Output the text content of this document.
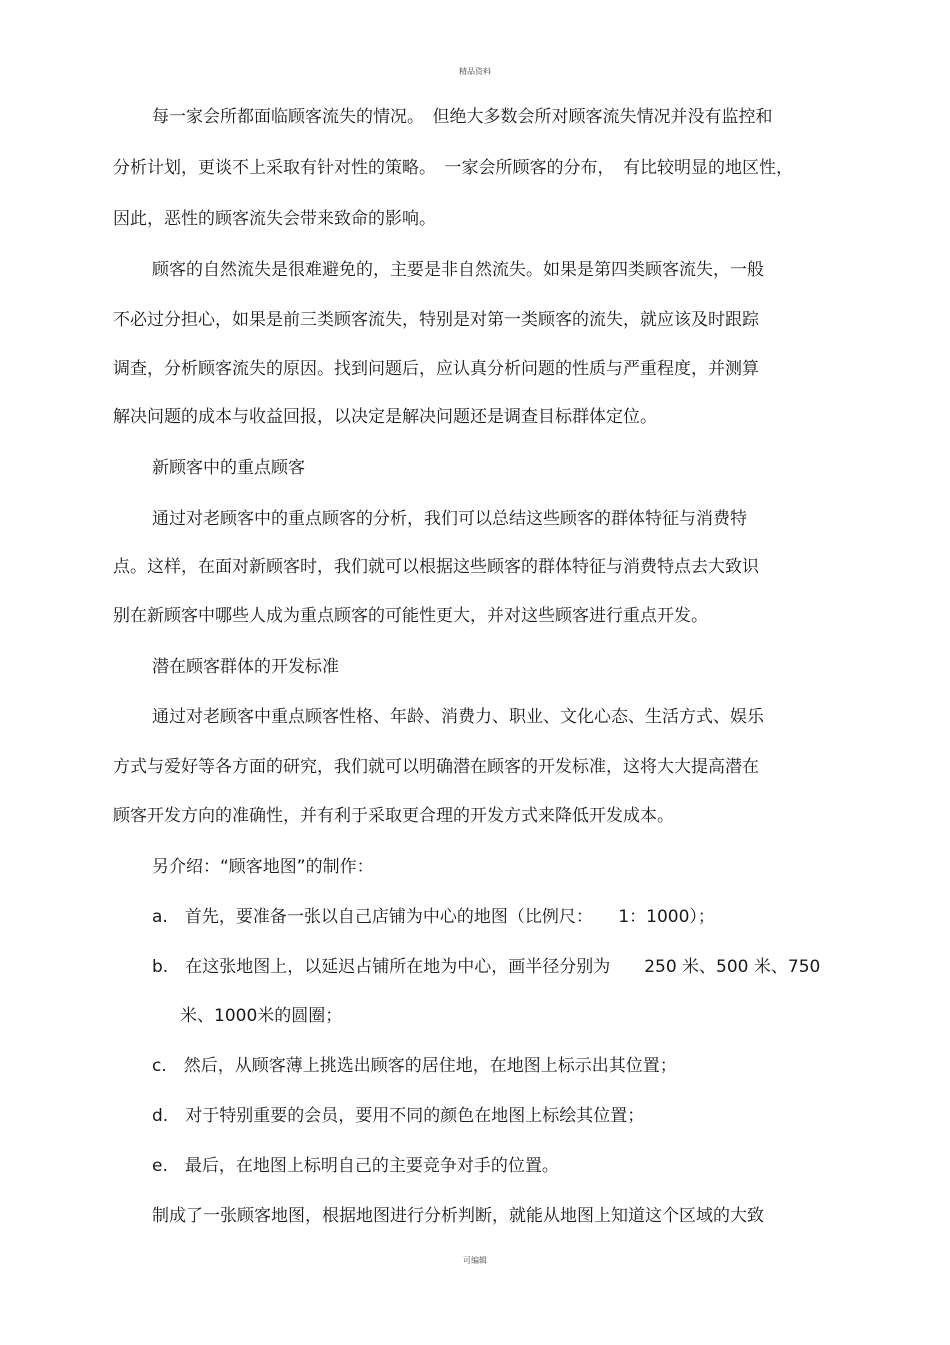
精品资料
每一家会所都面临顾客流失的情况。　但绝大多数会所对顾客流失情况并没有监控和
分析计划，更谈不上采取有针对性的策略。　一家会所顾客的分布，　有比较明显的地区性，
因此，恶性的顾客流失会带来致命的影响。
顾客的自然流失是很难避免的，主要是非自然流失。如果是第四类顾客流失，一般
不必过分担心，如果是前三类顾客流失，特别是对第一类顾客的流失，就应该及时跟踪
调查，分析顾客流失的原因。找到问题后，应认真分析问题的性质与严重程度，并测算
解决问题的成本与收益回报，以决定是解决问题还是调查目标群体定位。
新顾客中的重点顾客
通过对老顾客中的重点顾客的分析，我们可以总结这些顾客的群体特征与消费特
点。这样，在面对新顾客时，我们就可以根据这些顾客的群体特征与消费特点去大致识
别在新顾客中哪些人成为重点顾客的可能性更大，并对这些顾客进行重点开发。
潜在顾客群体的开发标准
通过对老顾客中重点顾客性格、年龄、消费力、职业、文化心态、生活方式、娱乐
方式与爱好等各方面的研究，我们就可以明确潜在顾客的开发标准，这将大大提高潜在
顾客开发方向的准确性，并有利于采取更合理的开发方式来降低开发成本。
另介绍：“顾客地图”的制作：
a.　首先，要准备一张以自己店铺为中心的地图（比例尺：　　1：1000）；
b.　在这张地图上，以延迟占铺所在地为中心，画半径分别为　　250 米、500 米、750
米、1000米的圆圈；
c.　然后，从顾客薄上挑选出顾客的居住地，在地图上标示出其位置；
d.　对于特别重要的会员，要用不同的颜色在地图上标绘其位置；
e.　最后，在地图上标明自己的主要竞争对手的位置。
制成了一张顾客地图，根据地图进行分析判断，就能从地图上知道这个区域的大致
可编辑
